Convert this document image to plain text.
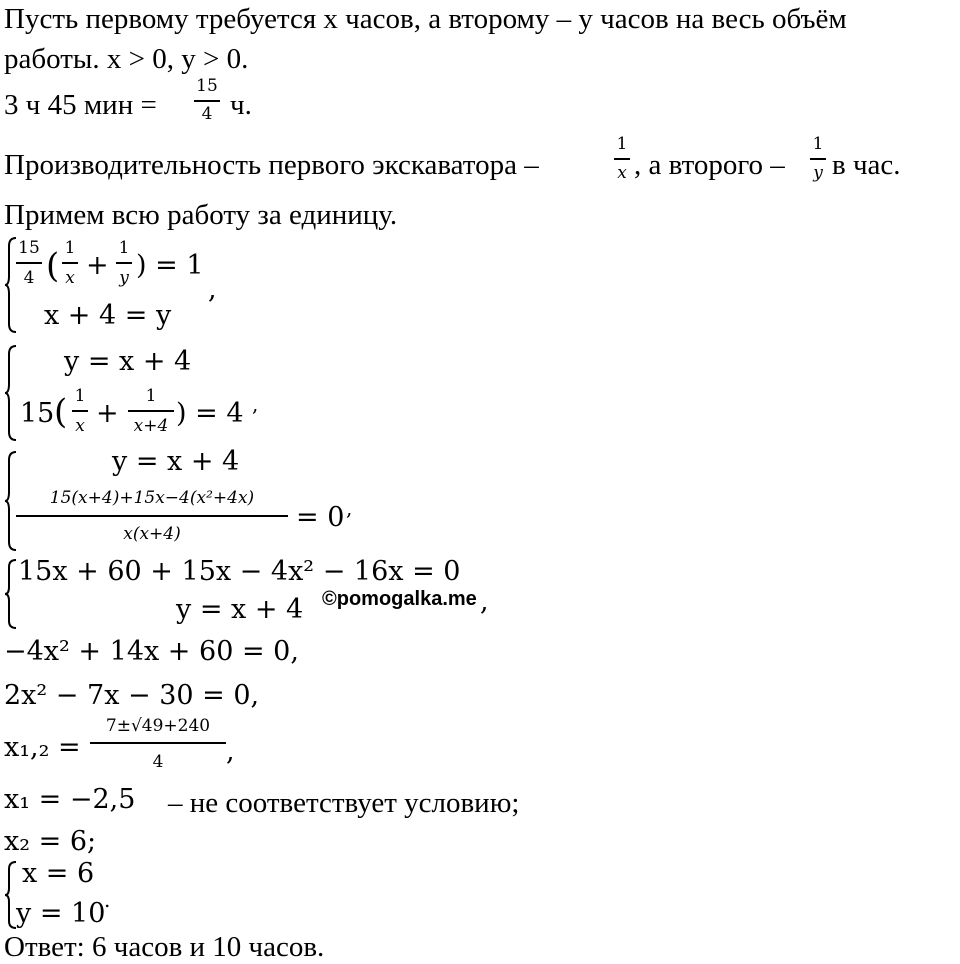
Пусть первому требуется x часов, а второму – y часов на весь объём
работы. x > 0, y > 0.
3 ч 45 мин =
15
4 ч.
Производительность первого экскаватора –
1
x , а второго –
1
y в час.
Примем всю работу за единицу.
15
4 ( 1
x +
1
y ) = 1
,
x + 4 = y
y = x + 4
15 ( 1
x +
1
x+4 ) = 4 ,
y = x + 4
15(x+4)+15x−4(x²+4x)
x(x+4)
= 0 ,
15x + 60 + 15x − 4x² − 16x = 0
y = x + 4 ©pomogalka.me ,
−4x² + 14x + 60 = 0,
2x² − 7x − 30 = 0,
x₁,₂ =
7±√49+240
4	,
x₁ = −2,5 – не соответствует условию;
x₂ = 6;
x = 6
y = 10
.
Ответ: 6 часов и 10 часов.
